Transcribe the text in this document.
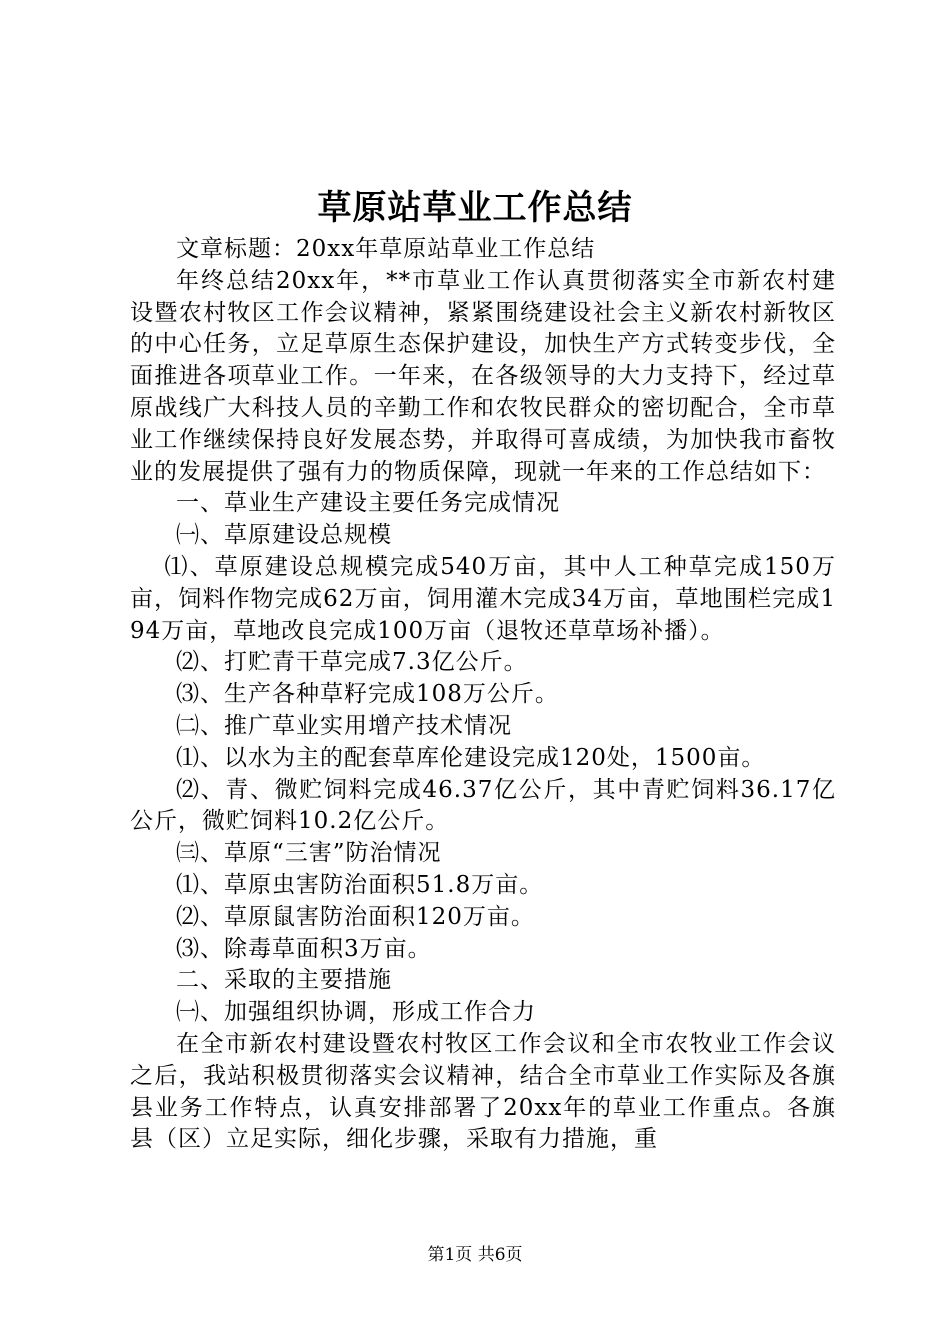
草原站草业工作总结

文章标题：20xx年草原站草业工作总结

年终总结20xx年，**市草业工作认真贯彻落实全市新农村建设暨农村牧区工作会议精神，紧紧围绕建设社会主义新农村新牧区的中心任务，立足草原生态保护建设，加快生产方式转变步伐，全面推进各项草业工作。一年来，在各级领导的大力支持下，经过草原战线广大科技人员的辛勤工作和农牧民群众的密切配合，全市草业工作继续保持良好发展态势，并取得可喜成绩，为加快我市畜牧业的发展提供了强有力的物质保障，现就一年来的工作总结如下：

一、草业生产建设主要任务完成情况

㈠、草原建设总规模

⑴、草原建设总规模完成540万亩，其中人工种草完成150万亩，饲料作物完成62万亩，饲用灌木完成34万亩，草地围栏完成194万亩，草地改良完成100万亩（退牧还草草场补播）。

⑵、打贮青干草完成7.3亿公斤。

⑶、生产各种草籽完成108万公斤。

㈡、推广草业实用增产技术情况

⑴、以水为主的配套草库伦建设完成120处，1500亩。

⑵、青、微贮饲料完成46.37亿公斤，其中青贮饲料36.17亿公斤，微贮饲料10.2亿公斤。

㈢、草原“三害”防治情况

⑴、草原虫害防治面积51.8万亩。

⑵、草原鼠害防治面积120万亩。

⑶、除毒草面积3万亩。

二、采取的主要措施

㈠、加强组织协调，形成工作合力

在全市新农村建设暨农村牧区工作会议和全市农牧业工作会议之后，我站积极贯彻落实会议精神，结合全市草业工作实际及各旗县业务工作特点，认真安排部署了20xx年的草业工作重点。各旗县（区）立足实际，细化步骤，采取有力措施，重

第1页 共6页
